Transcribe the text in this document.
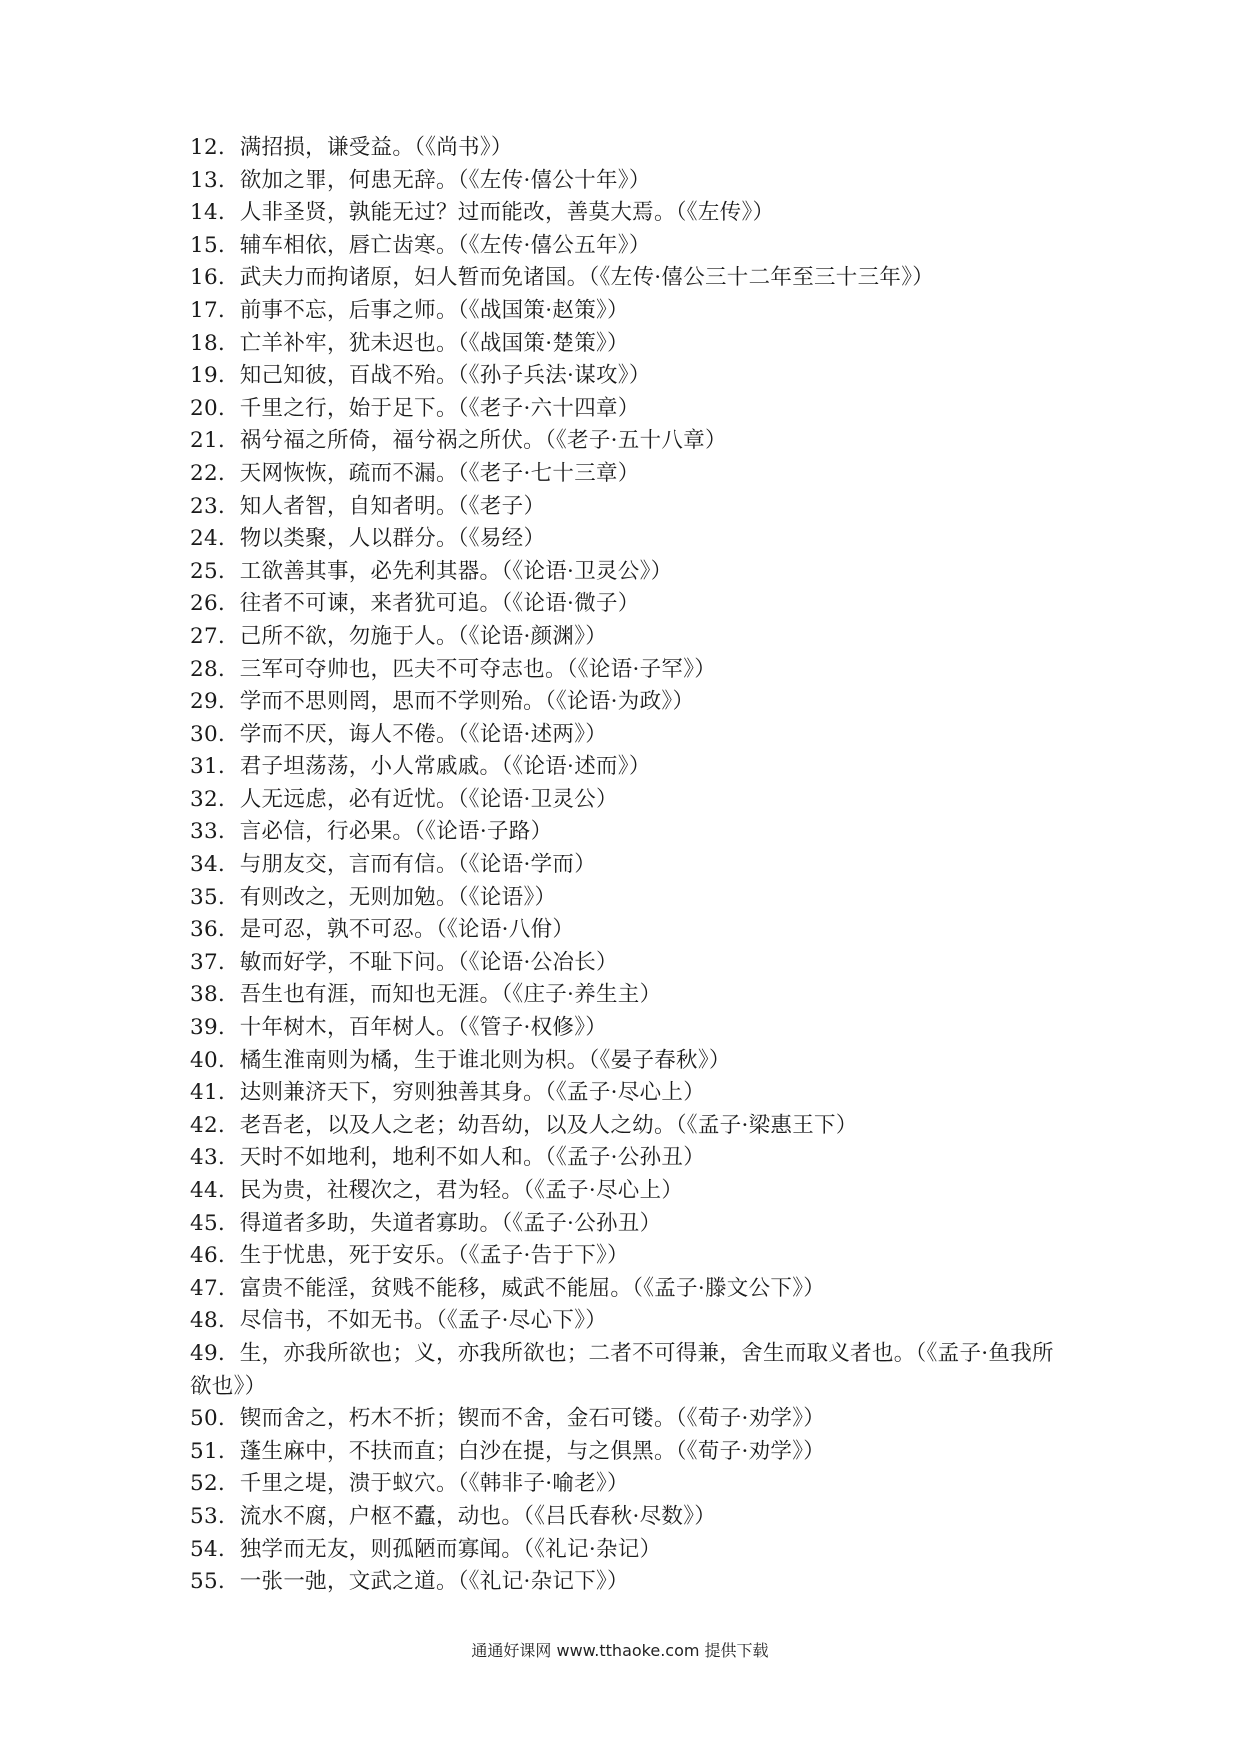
12．满招损，谦受益。（《尚书》）
13．欲加之罪，何患无辞。（《左传·僖公十年》）
14．人非圣贤，孰能无过？过而能改，善莫大焉。（《左传》）
15．辅车相依，唇亡齿寒。（《左传·僖公五年》）
16．武夫力而拘诸原，妇人暂而免诸国。（《左传·僖公三十二年至三十三年》）
17．前事不忘，后事之师。（《战国策·赵策》）
18．亡羊补牢，犹未迟也。（《战国策·楚策》）
19．知己知彼，百战不殆。（《孙子兵法·谋攻》）
20．千里之行，始于足下。（《老子·六十四章）
21．祸兮福之所倚，福兮祸之所伏。（《老子·五十八章）
22．天网恢恢，疏而不漏。（《老子·七十三章）
23．知人者智，自知者明。（《老子）
24．物以类聚，人以群分。（《易经）
25．工欲善其事，必先利其器。（《论语·卫灵公》）
26．往者不可谏，来者犹可追。（《论语·微子）
27．己所不欲，勿施于人。（《论语·颜渊》）
28．三军可夺帅也，匹夫不可夺志也。（《论语·子罕》）
29．学而不思则罔，思而不学则殆。（《论语·为政》）
30．学而不厌，诲人不倦。（《论语·述两》）
31．君子坦荡荡，小人常戚戚。（《论语·述而》）
32．人无远虑，必有近忧。（《论语·卫灵公）
33．言必信，行必果。（《论语·子路）
34．与朋友交，言而有信。（《论语·学而）
35．有则改之，无则加勉。（《论语》）
36．是可忍，孰不可忍。（《论语·八佾）
37．敏而好学，不耻下问。（《论语·公冶长）
38．吾生也有涯，而知也无涯。（《庄子·养生主）
39．十年树木，百年树人。（《管子·权修》）
40．橘生淮南则为橘，生于谁北则为枳。（《晏子春秋》）
41．达则兼济天下，穷则独善其身。（《孟子·尽心上）
42．老吾老，以及人之老；幼吾幼，以及人之幼。（《孟子·梁惠王下）
43．天时不如地利，地利不如人和。（《孟子·公孙丑）
44．民为贵，社稷次之，君为轻。（《孟子·尽心上）
45．得道者多助，失道者寡助。（《孟子·公孙丑）
46．生于忧患，死于安乐。（《孟子·告于下》）
47．富贵不能淫，贫贱不能移，威武不能屈。（《孟子·滕文公下》）
48．尽信书，不如无书。（《孟子·尽心下》）
49．生，亦我所欲也；义，亦我所欲也；二者不可得兼，舍生而取义者也。（《孟子·鱼我所欲也》）
50．锲而舍之，朽木不折；锲而不舍，金石可镂。（《荀子·劝学》）
51．蓬生麻中，不扶而直；白沙在提，与之俱黑。（《荀子·劝学》）
52．千里之堤，溃于蚁穴。（《韩非子·喻老》）
53．流水不腐，户枢不蠹，动也。（《吕氏春秋·尽数》）
54．独学而无友，则孤陋而寡闻。（《礼记·杂记）
55．一张一弛，文武之道。（《礼记·杂记下》）
通通好课网 www.tthaoke.com 提供下载
